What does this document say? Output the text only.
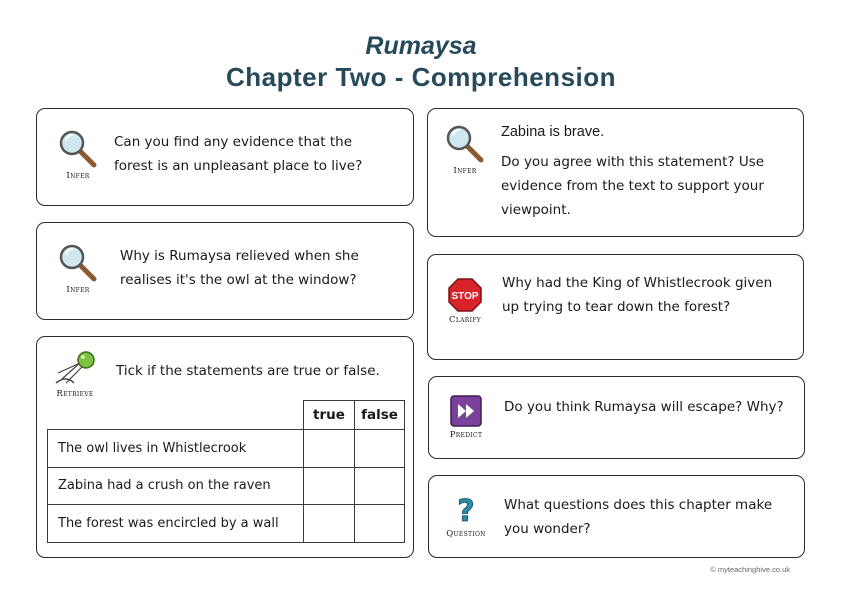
Rumaysa
Chapter Two - Comprehension
Infer

Can you find any evidence that the forest is an unpleasant place to live?

Infer

Why is Rumaysa relieved when she realises it's the owl at the window?

Retrieve

Tick if the statements are true or false.

	true	false
The owl lives in Whistlecrook		
Zabina had a crush on the raven		
The forest was encircled by a wall		
Infer

Zabina is brave.

Do you agree with this statement? Use evidence from the text to support your viewpoint.

STOP
Clarify

Why had the King of Whistlecrook given up trying to tear down the forest?

Predict

Do you think Rumaysa will escape? Why?

?
Question

What questions does this chapter make you wonder?

© myteachinghive.co.uk
